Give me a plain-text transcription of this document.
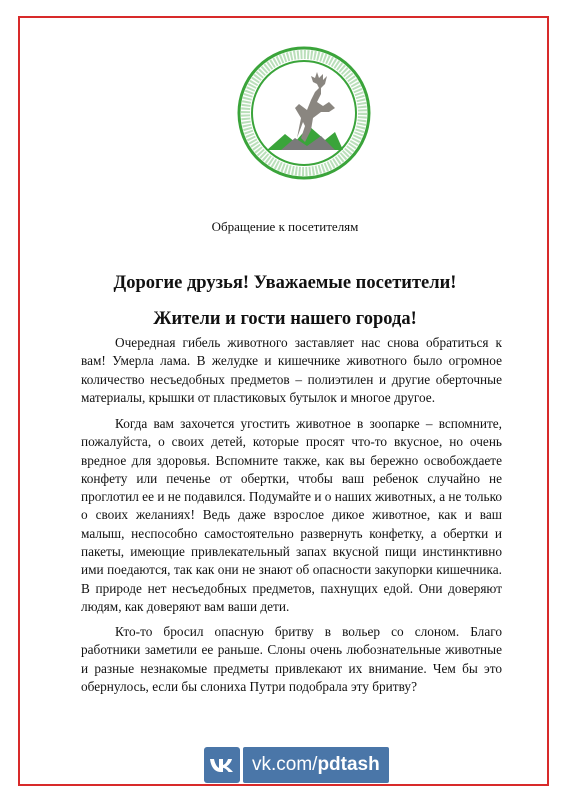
Обращение к посетителям
Дорогие друзья! Уважаемые посетители!
Жители и гости нашего города!

Очередная гибель животного заставляет нас снова обратиться к вам! Умерла лама. В желудке и кишечнике животного было огромное количество несъедобных предметов – полиэтилен и другие оберточные материалы, крышки от пластиковых бутылок и многое другое.

Когда вам захочется угостить животное в зоопарке – вспомните, пожалуйста, о своих детей, которые просят что-то вкусное, но очень вредное для здоровья. Вспомните также, как вы бережно освобождаете конфету или печенье от обертки, чтобы ваш ребенок случайно не проглотил ее и не подавился. Подумайте и о наших животных, а не только о своих желаниях! Ведь даже взрослое дикое животное, как и ваш малыш, неспособно самостоятельно развернуть конфетку, а обертки и пакеты, имеющие привлекательный запах вкусной пищи инстинктивно ими поедаются, так как они не знают об опасности закупорки кишечника. В природе нет несъедобных предметов, пахнущих едой. Они доверяют людям, как доверяют вам ваши дети.

Кто-то бросил опасную бритву в вольер со слоном. Благо работники заметили ее раньше. Слоны очень любознательные животные и разные незнакомые предметы привлекают их внимание. Чем бы это обернулось, если бы слониха Путри подобрала эту бритву?

vk.com/ pdtash
